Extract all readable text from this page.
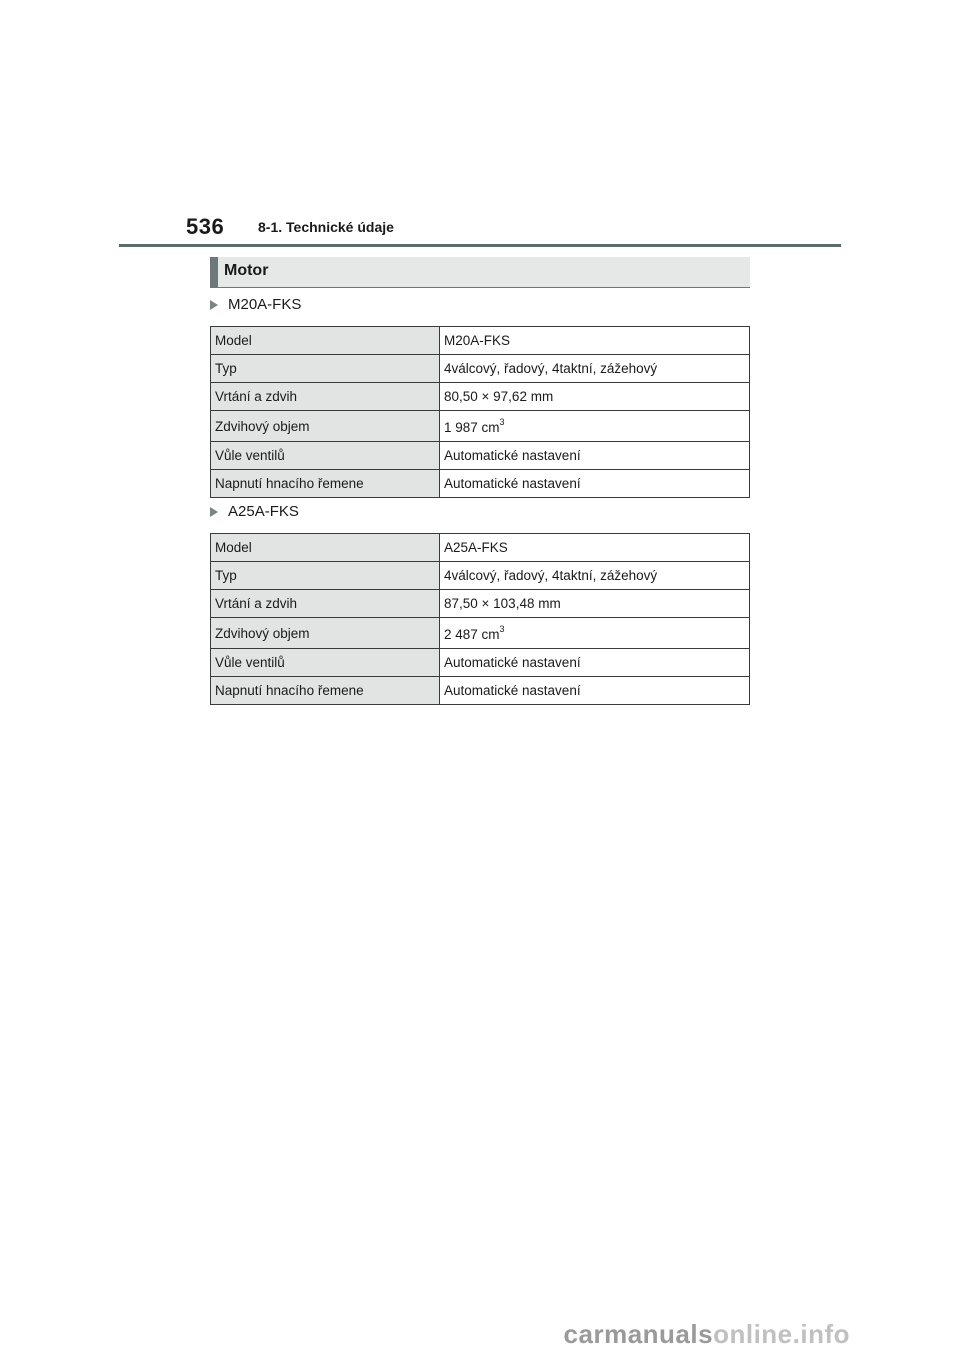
536 8-1. Technické údaje
Motor
M20A-FKS
Model	M20A-FKS
Typ	4válcový, řadový, 4taktní, zážehový
Vrtání a zdvih	80,50 × 97,62 mm
Zdvihový objem	1 987 $cm^3$
Vůle ventilů	Automatické nastavení
Napnutí hnacího řemene	Automatické nastavení
A25A-FKS
Model	A25A-FKS
Typ	4válcový, řadový, 4taktní, zážehový
Vrtání a zdvih	87,50 × 103,48 mm
Zdvihový objem	2 487 $cm^3$
Vůle ventilů	Automatické nastavení
Napnutí hnacího řemene	Automatické nastavení
carmanualsonline.info
